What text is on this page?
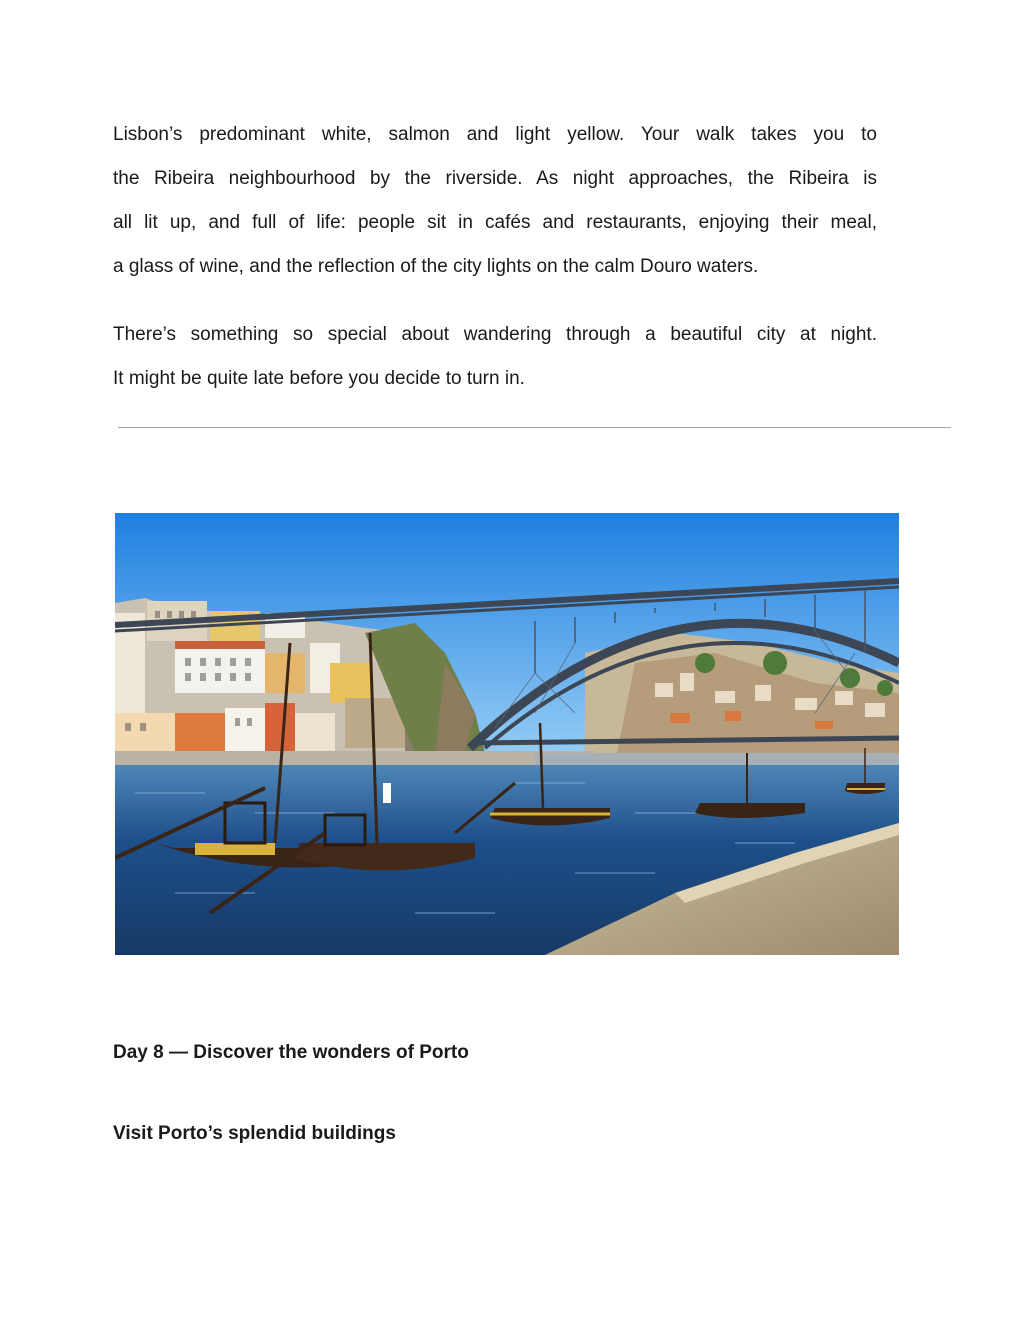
Lisbon’s predominant white, salmon and light yellow. Your walk takes you to
the Ribeira neighbourhood by the riverside. As night approaches, the Ribeira is
all lit up, and full of life: people sit in cafés and restaurants, enjoying their meal,
a glass of wine, and the reflection of the city lights on the calm Douro waters.
There’s something so special about wandering through a beautiful city at night.
It might be quite late before you decide to turn in.

Day 8 — Discover the wonders of Porto

Visit Porto’s splendid buildings
